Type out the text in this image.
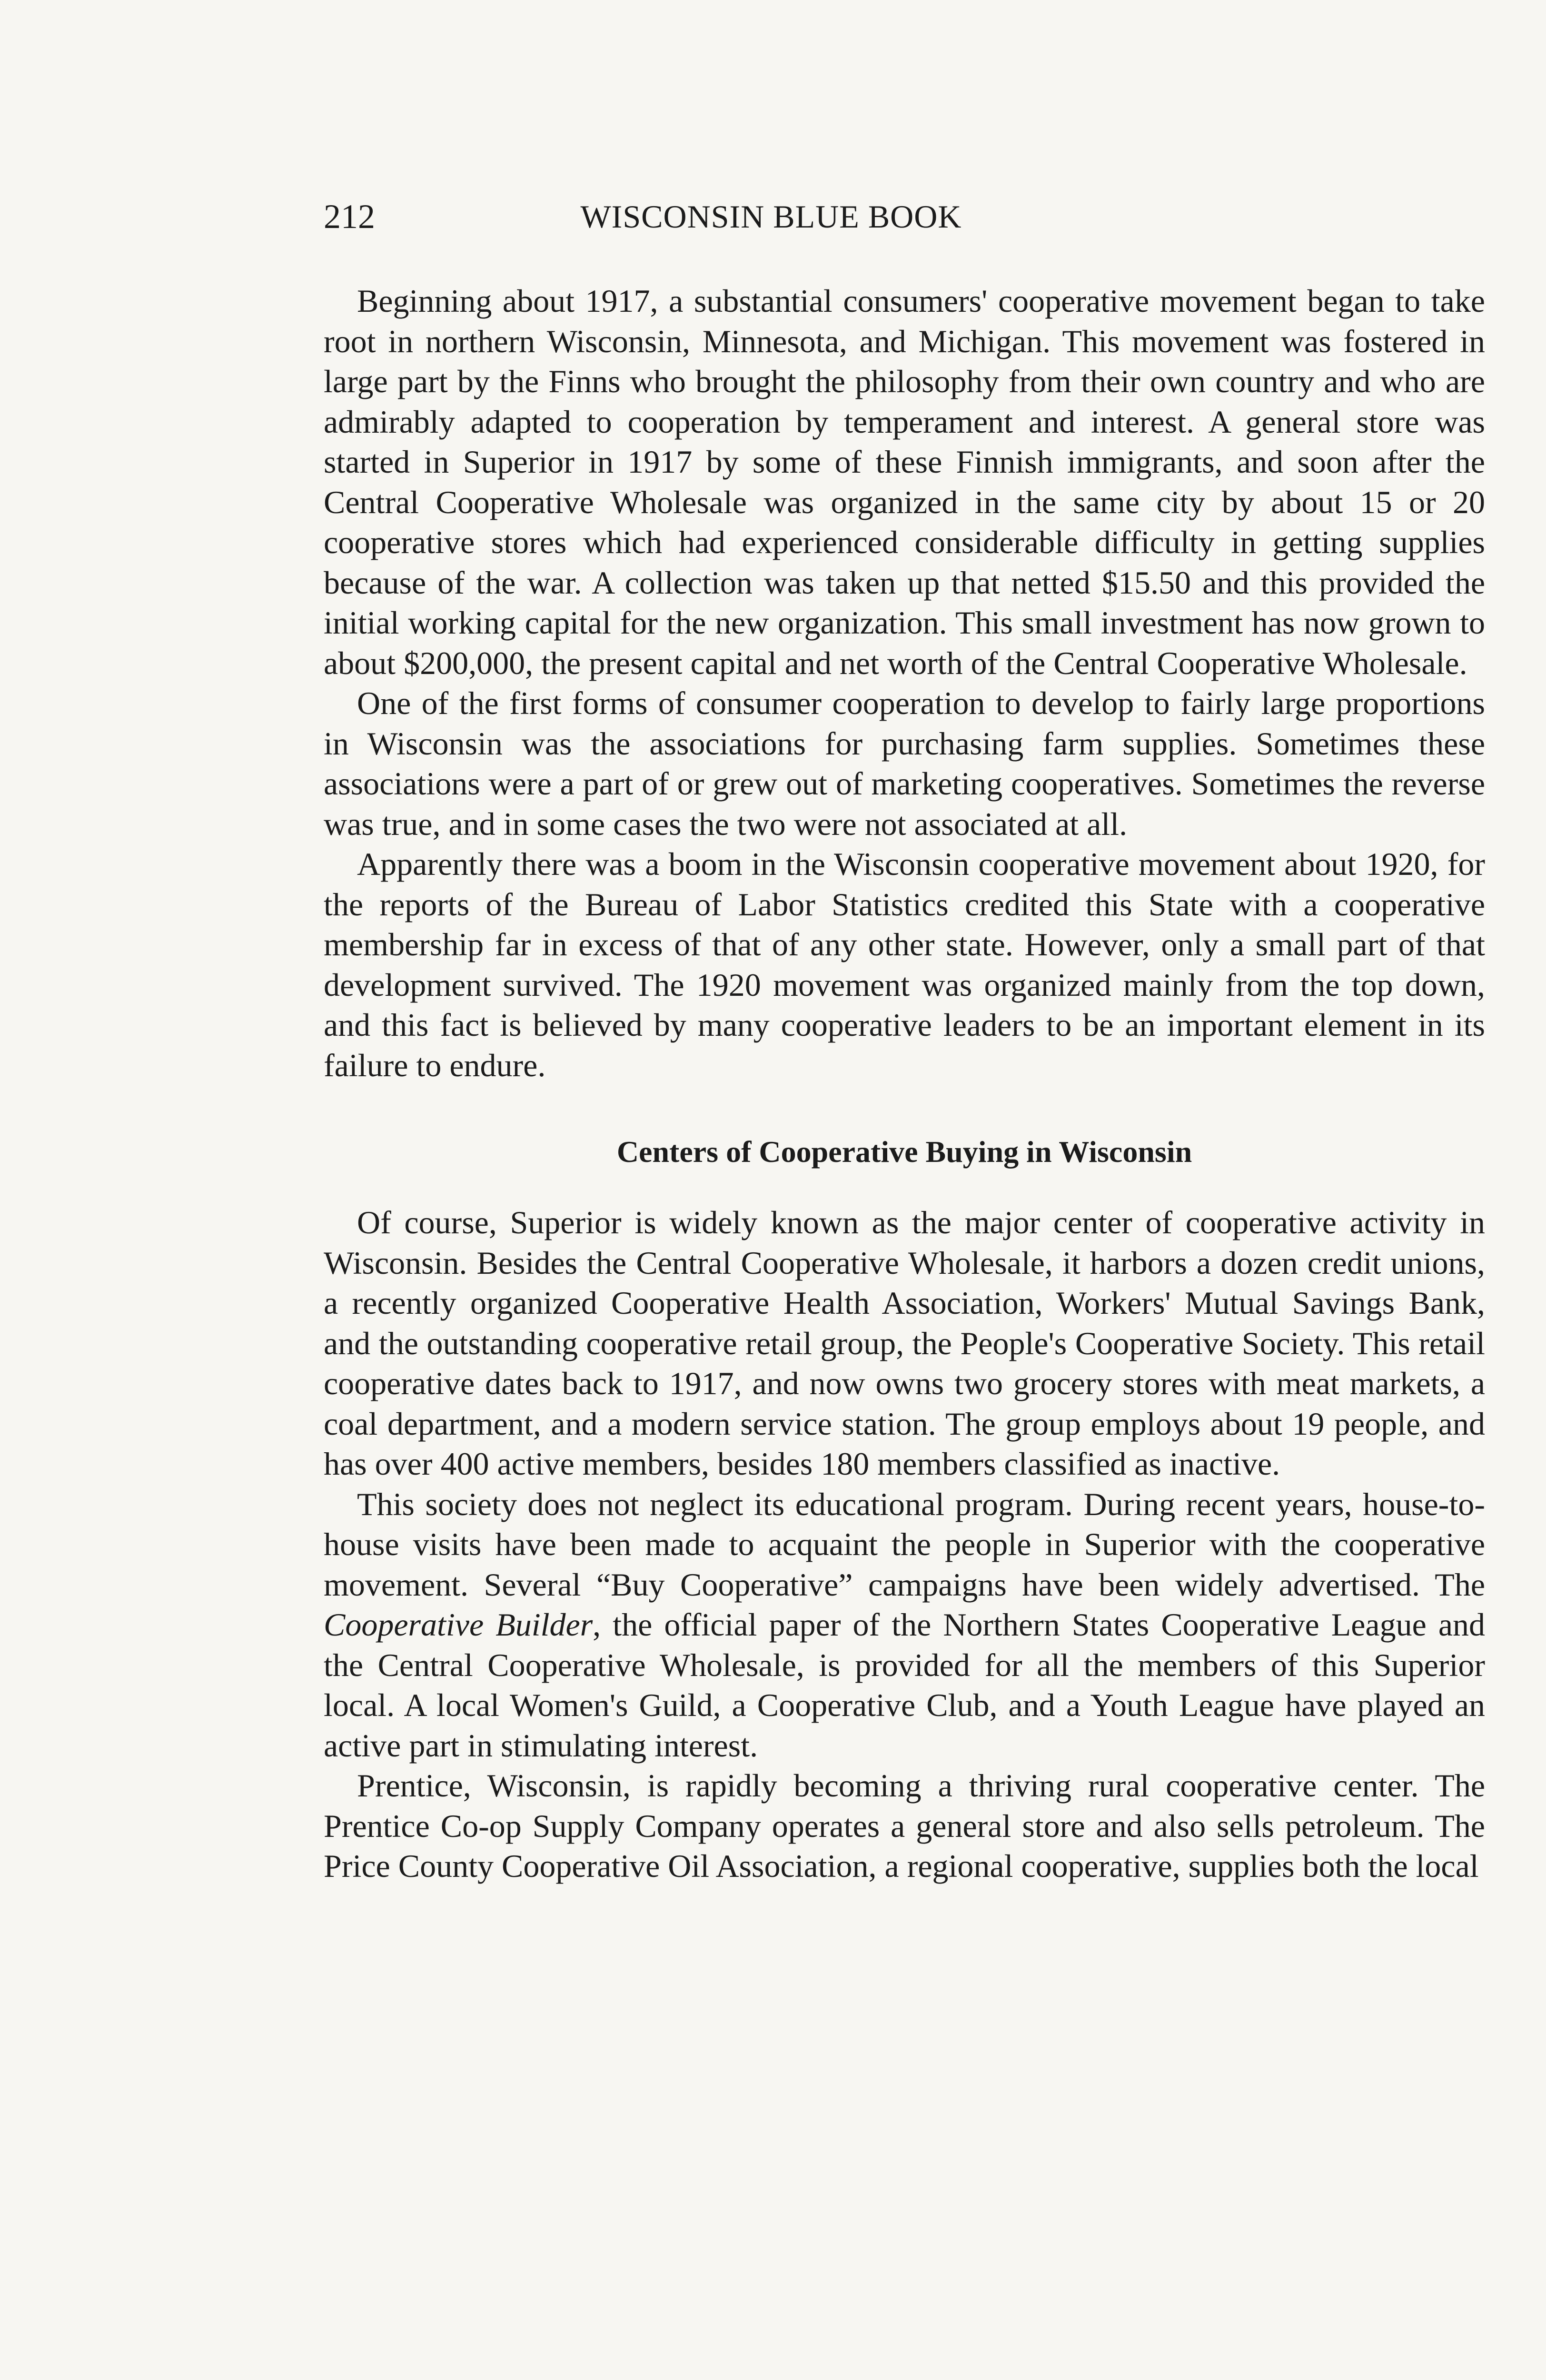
212	WISCONSIN BLUE BOOK

Beginning about 1917, a substantial consumers' cooperative movement began to take root in northern Wisconsin, Minnesota, and Michigan. This movement was fostered in large part by the Finns who brought the philosophy from their own country and who are admirably adapted to cooperation by temperament and interest. A general store was started in Superior in 1917 by some of these Finnish immigrants, and soon after the Central Cooperative Wholesale was organized in the same city by about 15 or 20 cooperative stores which had experienced considerable difficulty in getting supplies because of the war. A collection was taken up that netted $15.50 and this provided the initial working capital for the new organization. This small investment has now grown to about $200,000, the present capital and net worth of the Central Cooperative Wholesale.

One of the first forms of consumer cooperation to develop to fairly large proportions in Wisconsin was the associations for purchasing farm supplies. Sometimes these associations were a part of or grew out of marketing cooperatives. Sometimes the reverse was true, and in some cases the two were not associated at all.

Apparently there was a boom in the Wisconsin cooperative movement about 1920, for the reports of the Bureau of Labor Statistics credited this State with a cooperative membership far in excess of that of any other state. However, only a small part of that development survived. The 1920 movement was organized mainly from the top down, and this fact is believed by many cooperative leaders to be an important element in its failure to endure.

Centers of Cooperative Buying in Wisconsin

Of course, Superior is widely known as the major center of cooperative activity in Wisconsin. Besides the Central Cooperative Wholesale, it harbors a dozen credit unions, a recently organized Cooperative Health Association, Workers' Mutual Savings Bank, and the outstanding cooperative retail group, the People's Cooperative Society. This retail cooperative dates back to 1917, and now owns two grocery stores with meat markets, a coal department, and a modern service station. The group employs about 19 people, and has over 400 active members, besides 180 members classified as inactive.

This society does not neglect its educational program. During recent years, house-to-house visits have been made to acquaint the people in Superior with the cooperative movement. Several “Buy Cooperative” campaigns have been widely advertised. The Cooperative Builder, the official paper of the Northern States Cooperative League and the Central Cooperative Wholesale, is provided for all the members of this Superior local. A local Women's Guild, a Cooperative Club, and a Youth League have played an active part in stimulating interest.

Prentice, Wisconsin, is rapidly becoming a thriving rural cooperative center. The Prentice Co-op Supply Company operates a general store and also sells petroleum. The Price County Cooperative Oil Association, a regional cooperative, supplies both the local
